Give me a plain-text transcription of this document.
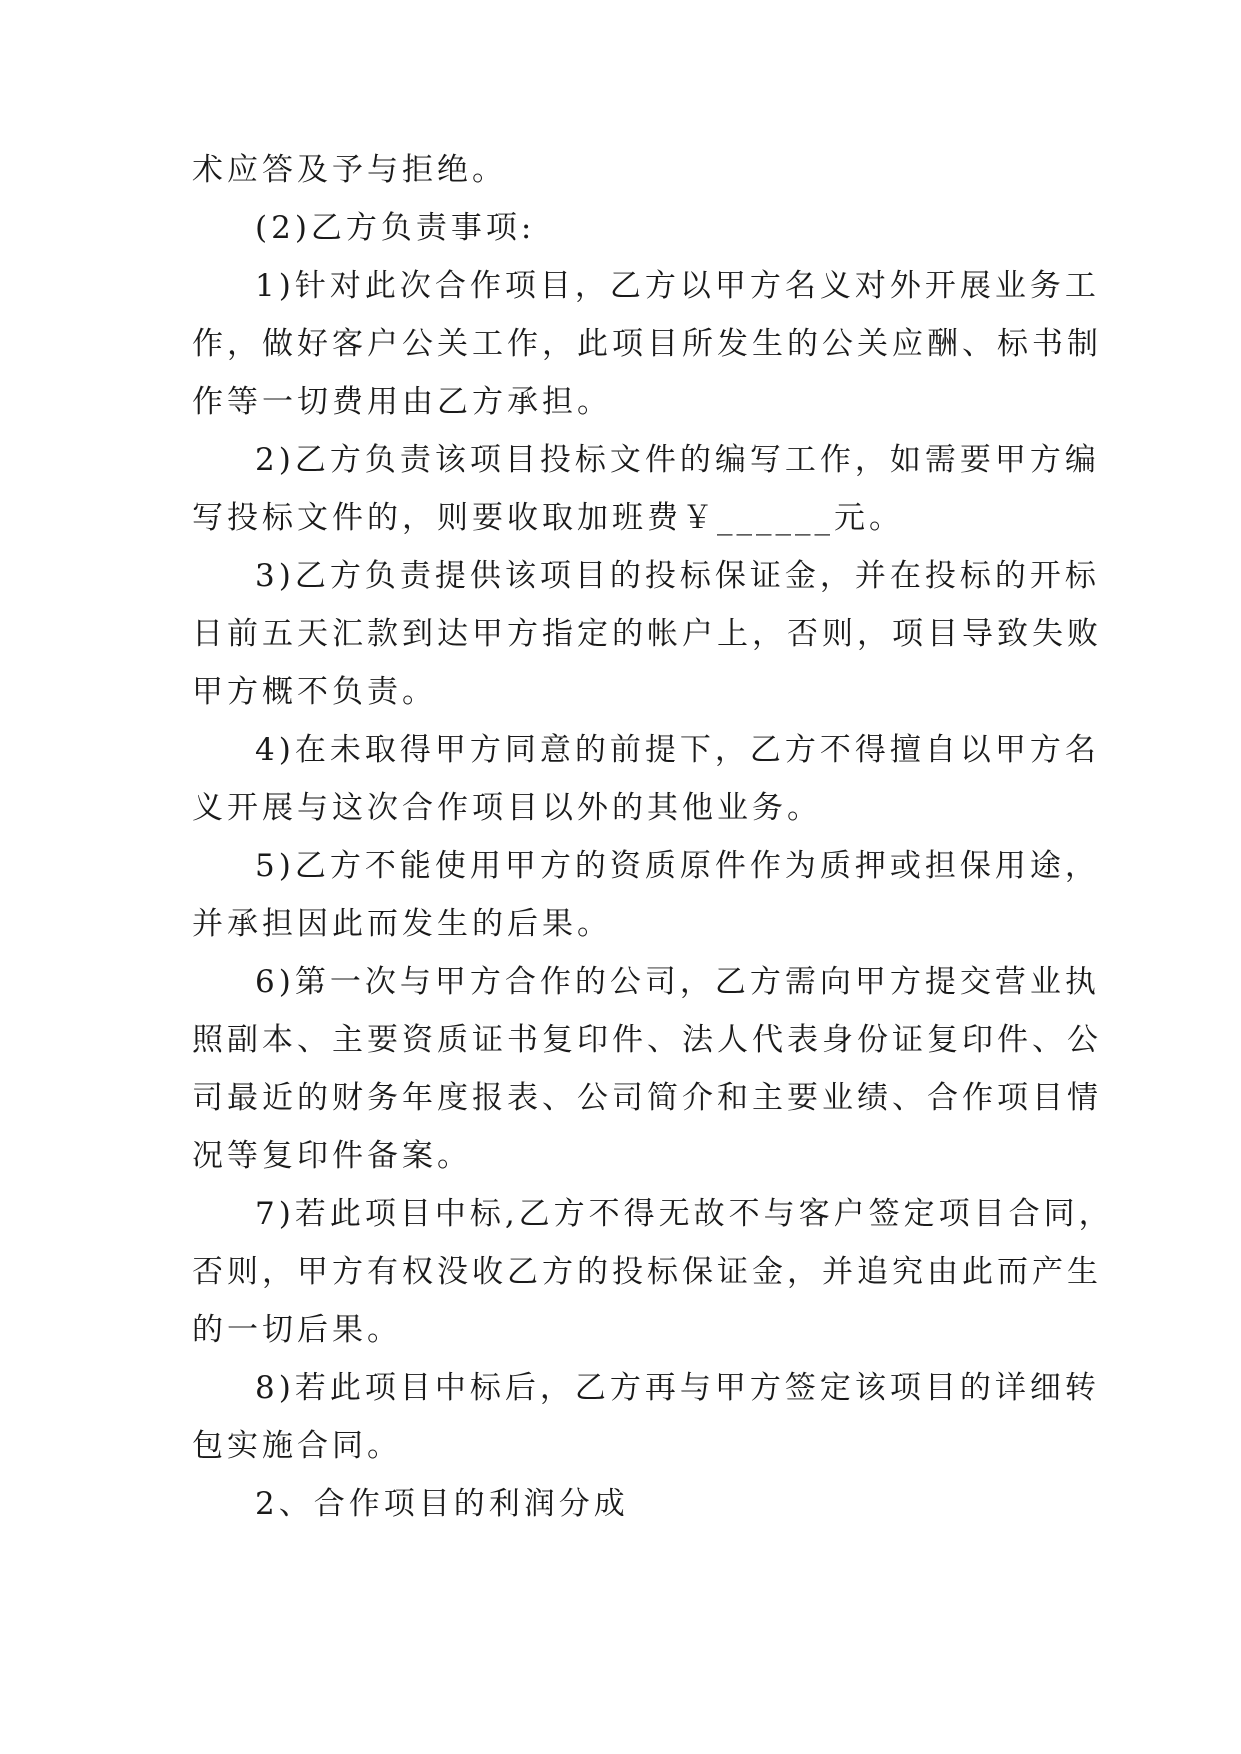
术应答及予与拒绝。
(2)乙方负责事项:
1)针对此次合作项目，乙方以甲方名义对外开展业务工
作，做好客户公关工作，此项目所发生的公关应酬、标书制
作等一切费用由乙方承担。
2)乙方负责该项目投标文件的编写工作，如需要甲方编
写投标文件的，则要收取加班费￥______元。
3)乙方负责提供该项目的投标保证金，并在投标的开标
日前五天汇款到达甲方指定的帐户上，否则，项目导致失败
甲方概不负责。
4)在未取得甲方同意的前提下，乙方不得擅自以甲方名
义开展与这次合作项目以外的其他业务。
5)乙方不能使用甲方的资质原件作为质押或担保用途，
并承担因此而发生的后果。
6)第一次与甲方合作的公司，乙方需向甲方提交营业执
照副本、主要资质证书复印件、法人代表身份证复印件、公
司最近的财务年度报表、公司简介和主要业绩、合作项目情
况等复印件备案。
7)若此项目中标,乙方不得无故不与客户签定项目合同，
否则，甲方有权没收乙方的投标保证金，并追究由此而产生
的一切后果。
8)若此项目中标后，乙方再与甲方签定该项目的详细转
包实施合同。
2、合作项目的利润分成
